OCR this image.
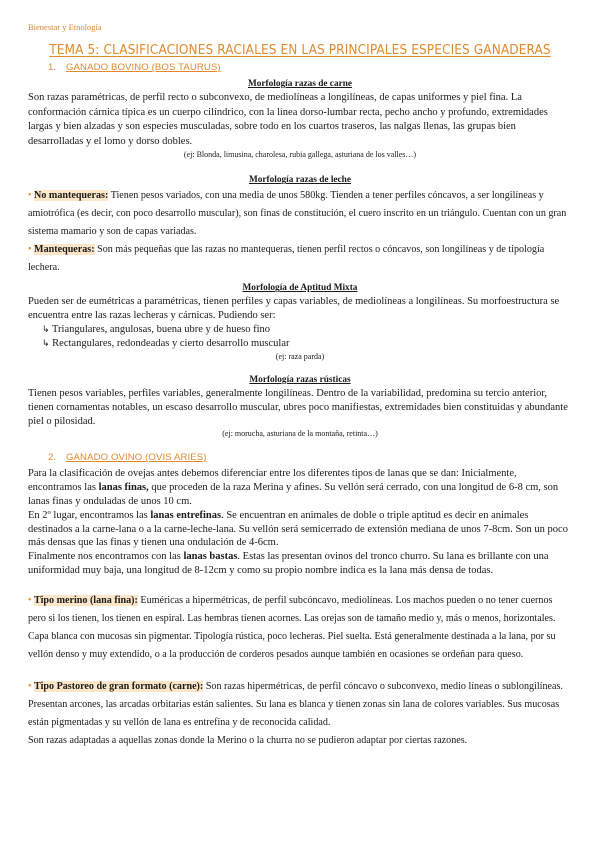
Bienestar y Etnología
TEMA 5: CLASIFICACIONES RACIALES EN LAS PRINCIPALES ESPECIES GANADERAS
1. GANADO BOVINO (BOS TAURUS)
Morfología razas de carne

Son razas paramétricas, de perfil recto o subconvexo, de mediolíneas a longilíneas, de capas uniformes y piel fina. La conformación cárnica típica es un cuerpo cilíndrico, con la línea dorso-lumbar recta, pecho ancho y profundo, extremidades largas y bien alzadas y son especies musculadas, sobre todo en los cuartos traseros, las nalgas llenas, las grupas bien desarrolladas y el lomo y dorso dobles.

(ej: Blonda, limusina, charolesa, rubia gallega, asturiana de los valles…)

Morfología razas de leche

• No mantequeras: Tienen pesos variados, con una media de unos 580kg. Tienden a tener perfiles cóncavos, a ser longilíneas y amiotrófica (es decir, con poco desarrollo muscular), son finas de constitución, el cuero inscrito en un triángulo. Cuentan con un gran sistema mamario y son de capas variadas.

• Mantequeras: Son más pequeñas que las razas no mantequeras, tienen perfil rectos o cóncavos, son longilíneas y de tipología lechera.

Morfología de Aptitud Mixta

Pueden ser de eumétricas a paramétricas, tienen perfiles y capas variables, de mediolíneas a longilíneas. Su morfoestructura se encuentra entre las razas lecheras y cárnicas. Pudiendo ser:

↳ Triangulares, angulosas, buena ubre y de hueso fino

↳ Rectangulares, redondeadas y cierto desarrollo muscular

(ej: raza parda)

Morfología razas rústicas

Tienen pesos variables, perfiles variables, generalmente longilíneas. Dentro de la variabilidad, predomina su tercio anterior, tienen cornamentas notables, un escaso desarrollo muscular, ubres poco manifiestas, extremidades bien constituidas y abundante piel o pilosidad.

(ej: morucha, asturiana de la montaña, retinta…)

2. GANADO OVINO (OVIS ARIES)

Para la clasificación de ovejas antes debemos diferenciar entre los diferentes tipos de lanas que se dan: Inicialmente, encontramos las lanas finas, que proceden de la raza Merina y afines. Su vellón será cerrado, con una longitud de 6-8 cm, son lanas finas y onduladas de unos 10 cm.

En 2º lugar, encontramos las lanas entrefinas. Se encuentran en animales de doble o triple aptitud es decir en animales destinados a la carne-lana o a la carne-leche-lana. Su vellón será semicerrado de extensión mediana de unos 7-8cm. Son un poco más densas que las finas y tienen una ondulación de 4-6cm.

Finalmente nos encontramos con las lanas bastas. Estas las presentan ovinos del tronco churro. Su lana es brillante con una uniformidad muy baja, una longitud de 8-12cm y como su propio nombre indica es la lana más densa de todas.

• Tipo merino (lana fina): Euméricas a hipermétricas, de perfil subcóncavo, mediolíneas. Los machos pueden o no tener cuernos pero si los tienen, los tienen en espiral. Las hembras tienen acornes. Las orejas son de tamaño medio y, más o menos, horizontales. Capa blanca con mucosas sin pigmentar. Tipología rústica, poco lecheras. Piel suelta. Está generalmente destinada a la lana, por su vellón denso y muy extendido, o a la producción de corderos pesados aunque también en ocasiones se ordeñan para queso.

• Tipo Pastoreo de gran formato (carne): Son razas hipermétricas, de perfil cóncavo o subconvexo, medio líneas o sublongilíneas. Presentan arcones, las arcadas orbitarias están salientes. Su lana es blanca y tienen zonas sin lana de colores variables. Sus mucosas están pigmentadas y su vellón de lana es entrefina y de reconocida calidad.

Son razas adaptadas a aquellas zonas donde la Merino o la churra no se pudieron adaptar por ciertas razones.
